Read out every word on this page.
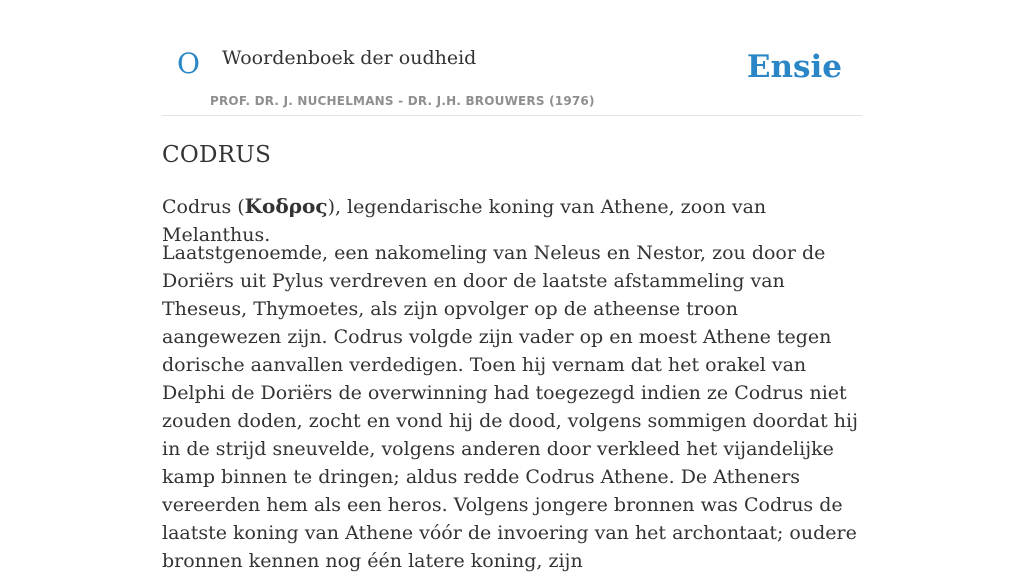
O Woordenboek der oudheid
PROF. DR. J. NUCHELMANS - DR. J.H. BROUWERS (1976)
Ensie
CODRUS

Codrus (Κοδρος), legendarische koning van Athene, zoon van Melanthus.

Laatstgenoemde, een nakomeling van Neleus en Nestor, zou door de Doriërs uit Pylus verdreven en door de laatste afstammeling van Theseus, Thymoetes, als zijn opvolger op de atheense troon aangewezen zijn. Codrus volgde zijn vader op en moest Athene tegen dorische aanvallen verdedigen. Toen hij vernam dat het orakel van Delphi de Doriërs de overwinning had toegezegd indien ze Codrus niet zouden doden, zocht en vond hij de dood, volgens sommigen doordat hij in de strijd sneuvelde, volgens anderen door verkleed het vijandelijke kamp binnen te dringen; aldus redde Codrus Athene. De Atheners vereerden hem als een heros. Volgens jongere bronnen was Codrus de laatste koning van Athene vóór de invoering van het archontaat; oudere bronnen kennen nog één latere koning, zijn
